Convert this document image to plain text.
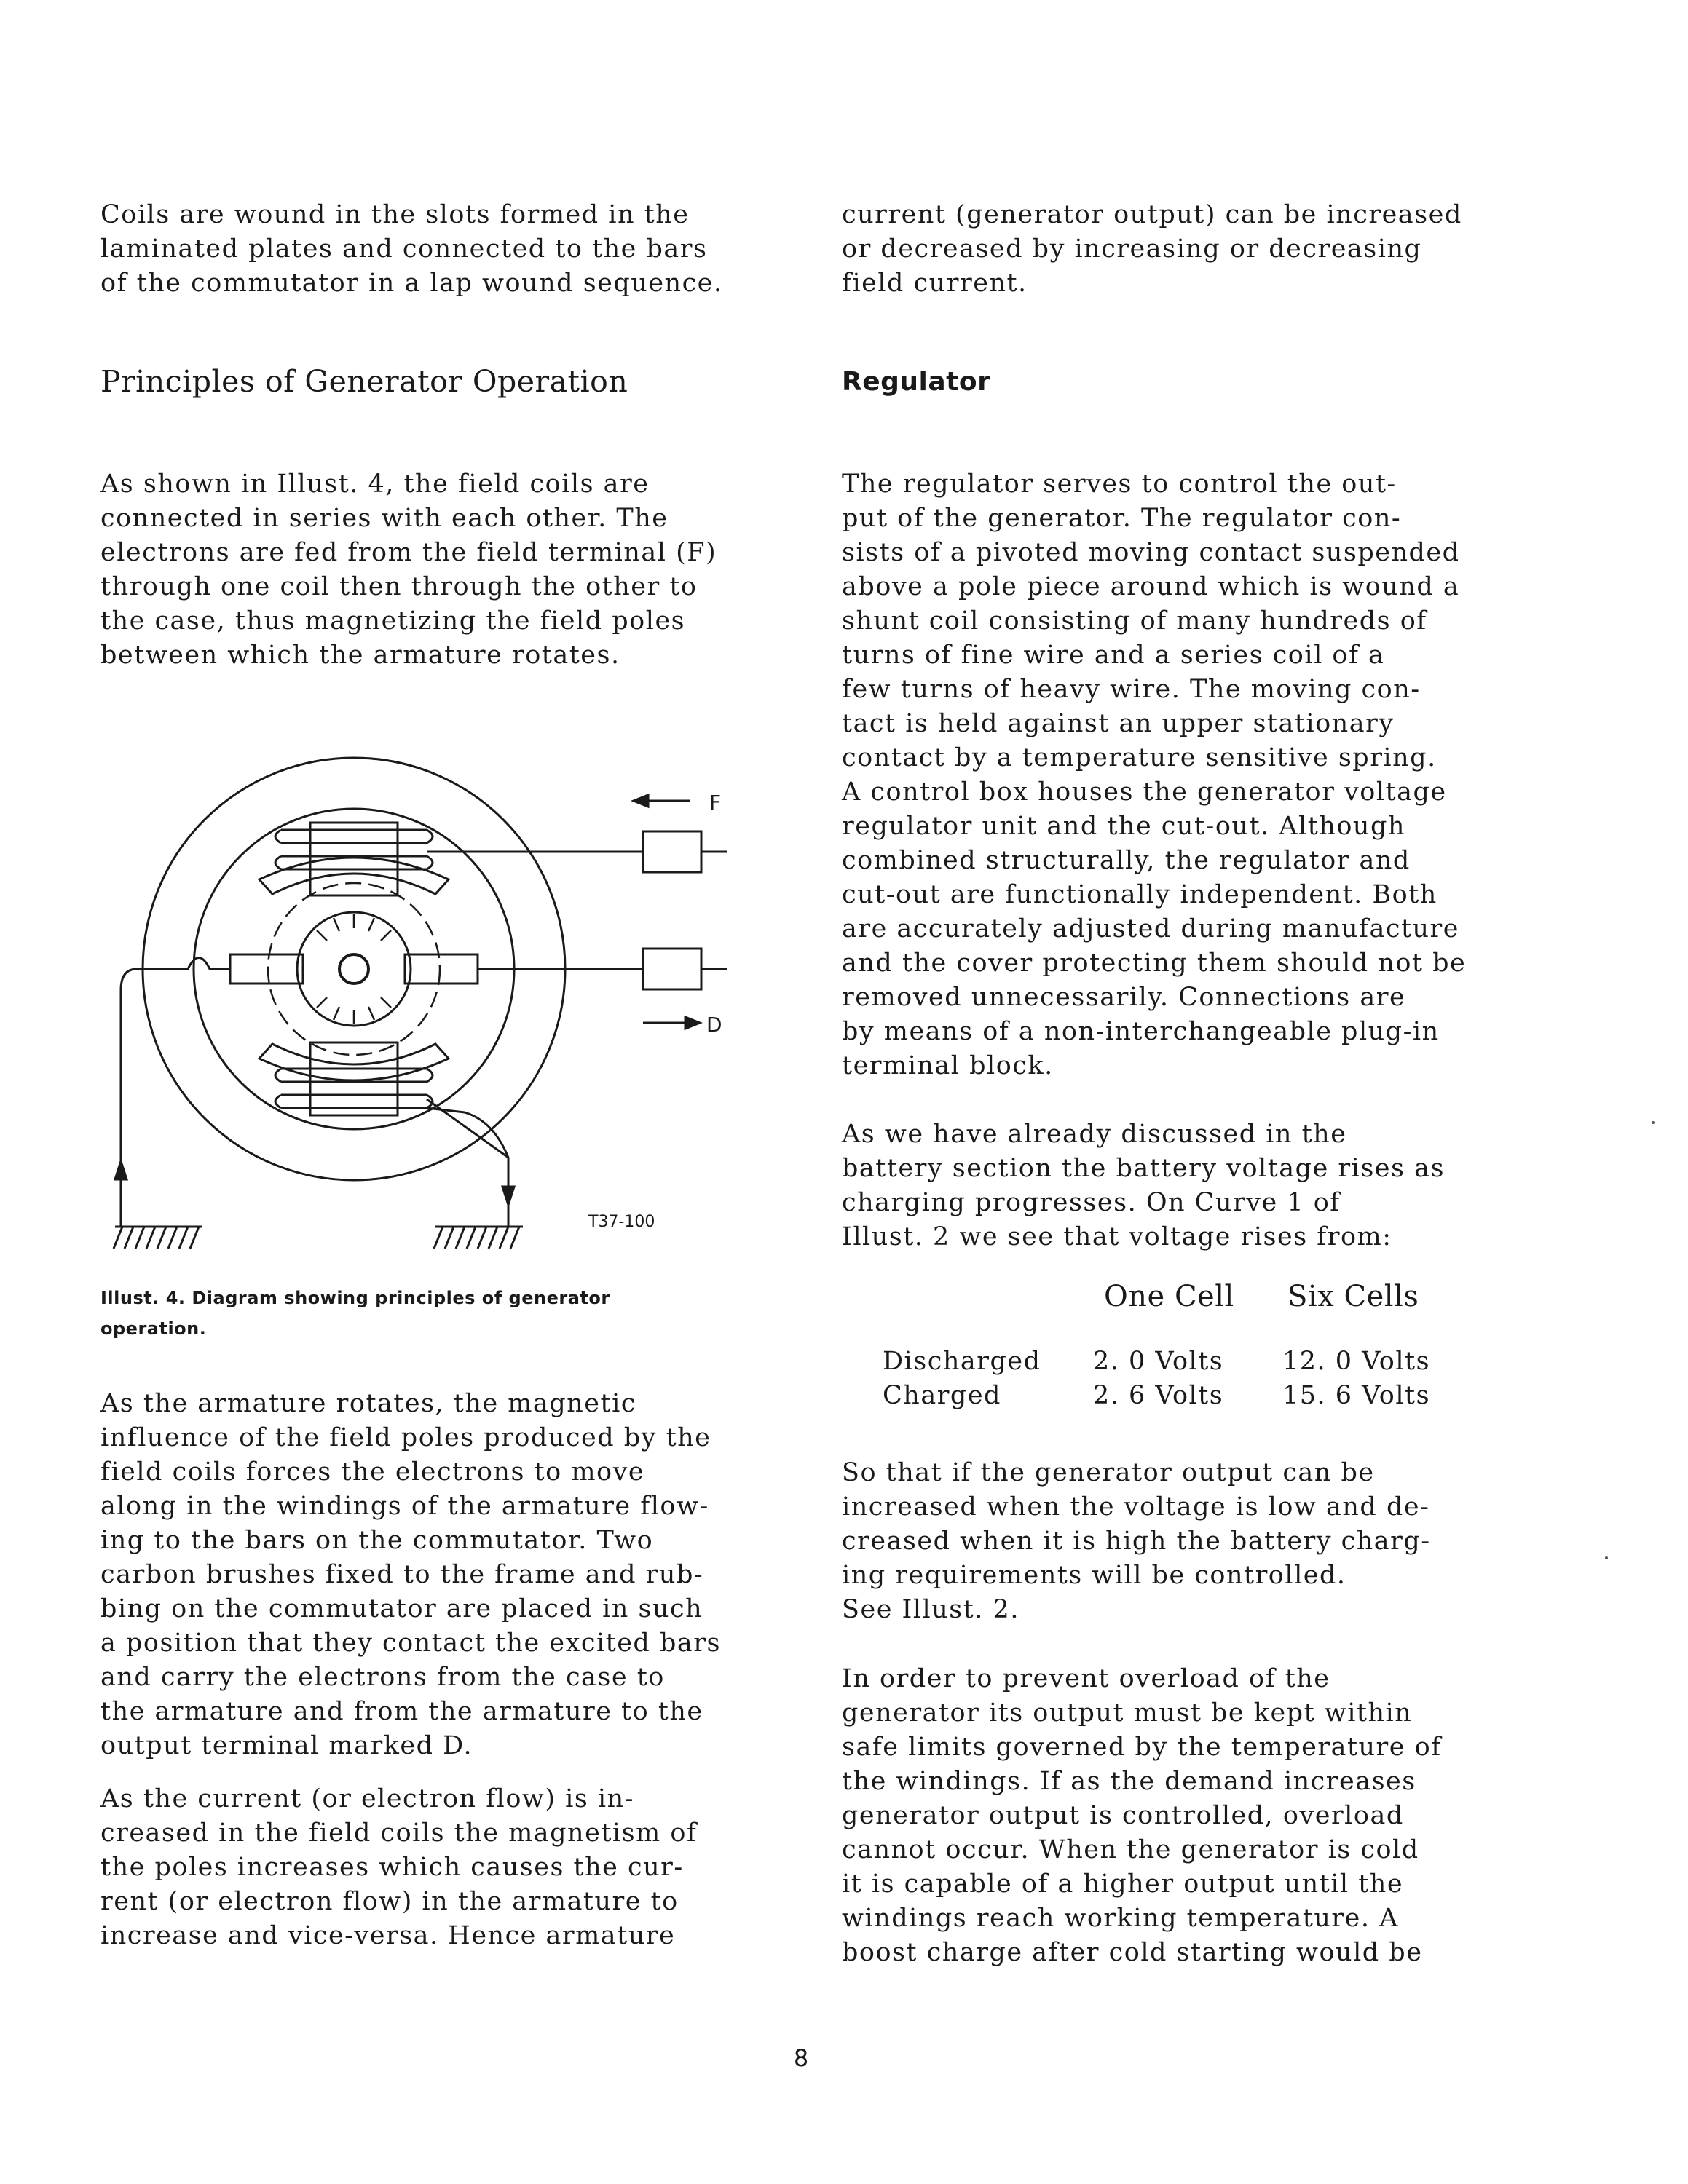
Coils are wound in the slots formed in the
laminated plates and connected to the bars
of the commutator in a lap wound sequence.

Principles of Generator Operation

As shown in Illust. 4, the field coils are
connected in series with each other. The
electrons are fed from the field terminal (F)
through one coil then through the other to
the case, thus magnetizing the field poles
between which the armature rotates.

Illust. 4. Diagram showing principles of generator
operation.

As the armature rotates, the magnetic
influence of the field poles produced by the
field coils forces the electrons to move
along in the windings of the armature flow-
ing to the bars on the commutator. Two
carbon brushes fixed to the frame and rub-
bing on the commutator are placed in such
a position that they contact the excited bars
and carry the electrons from the case to
the armature and from the armature to the
output terminal marked D.

As the current (or electron flow) is in-
creased in the field coils the magnetism of
the poles increases which causes the cur-
rent (or electron flow) in the armature to
increase and vice-versa. Hence armature

F
D
T37-100

current (generator output) can be increased
or decreased by increasing or decreasing
field current.

Regulator

The regulator serves to control the out-
put of the generator. The regulator con-
sists of a pivoted moving contact suspended
above a pole piece around which is wound a
shunt coil consisting of many hundreds of
turns of fine wire and a series coil of a
few turns of heavy wire. The moving con-
tact is held against an upper stationary
contact by a temperature sensitive spring.
A control box houses the generator voltage
regulator unit and the cut-out. Although
combined structurally, the regulator and
cut-out are functionally independent. Both
are accurately adjusted during manufacture
and the cover protecting them should not be
removed unnecessarily. Connections are
by means of a non-interchangeable plug-in
terminal block.

As we have already discussed in the
battery section the battery voltage rises as
charging progresses. On Curve 1 of
Illust. 2 we see that voltage rises from:

One Cell Six Cells
Discharged 2. 0 Volts 12. 0 Volts
Charged	2. 6 Volts 15. 6 Volts

So that if the generator output can be
increased when the voltage is low and de-
creased when it is high the battery charg-
ing requirements will be controlled.
See Illust. 2.

In order to prevent overload of the
generator its output must be kept within
safe limits governed by the temperature of
the windings. If as the demand increases
generator output is controlled, overload
cannot occur. When the generator is cold
it is capable of a higher output until the
windings reach working temperature. A
boost charge after cold starting would be

8
